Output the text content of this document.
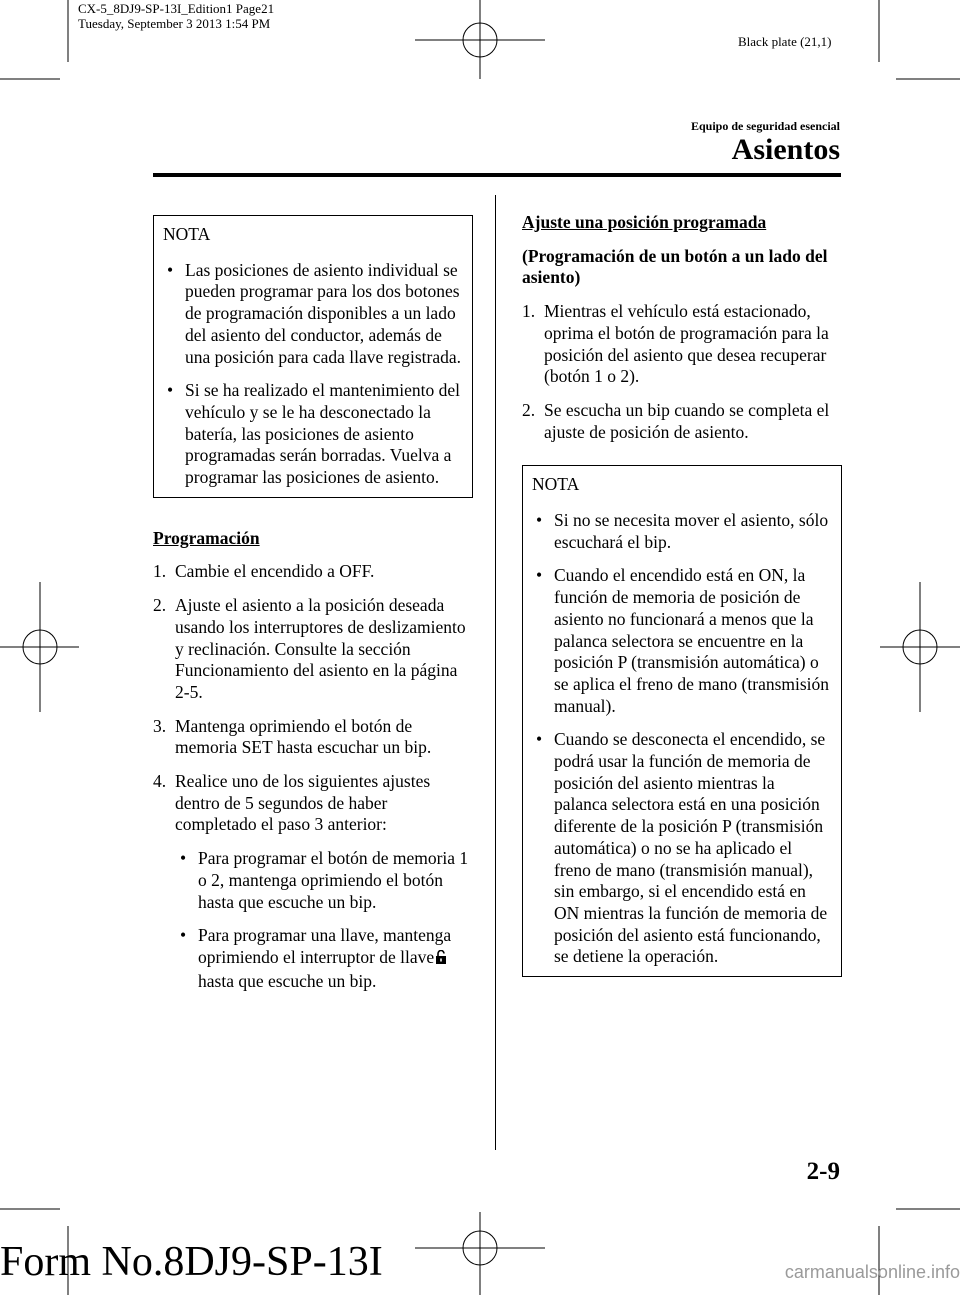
CX-5_8DJ9-SP-13I_Edition1 Page21
Tuesday, September 3 2013 1:54 PM
Black plate (21,1)
Equipo de seguridad esencial
Asientos
NOTA
• Las posiciones de asiento individual se pueden programar para los dos botones de programación disponibles a un lado del asiento del conductor, además de una posición para cada llave registrada.
• Si se ha realizado el mantenimiento del vehículo y se le ha desconectado la batería, las posiciones de asiento programadas serán borradas. Vuelva a programar las posiciones de asiento.

Programación

1. Cambie el encendido a OFF.
2. Ajuste el asiento a la posición deseada usando los interruptores de deslizamiento y reclinación. Consulte la sección Funcionamiento del asiento en la página 2-5.
3. Mantenga oprimiendo el botón de memoria SET hasta escuchar un bip.
4. Realice uno de los siguientes ajustes dentro de 5 segundos de haber completado el paso 3 anterior:
• Para programar el botón de memoria 1 o 2, mantenga oprimiendo el botón hasta que escuche un bip.
• Para programar una llave, mantenga oprimiendo el interruptor de llave
hasta que escuche un bip.

Ajuste una posición programada

(Programación de un botón a un lado del asiento)

1. Mientras el vehículo está estacionado, oprima el botón de programación para la posición del asiento que desea recuperar (botón 1 o 2).
2. Se escucha un bip cuando se completa el ajuste de posición de asiento.
NOTA
• Si no se necesita mover el asiento, sólo escuchará el bip.
• Cuando el encendido está en ON, la función de memoria de posición de asiento no funcionará a menos que la palanca selectora se encuentre en la posición P (transmisión automática) o se aplica el freno de mano (transmisión manual).
• Cuando se desconecta el encendido, se podrá usar la función de memoria de posición del asiento mientras la palanca selectora está en una posición diferente de la posición P (transmisión automática) o no se ha aplicado el freno de mano (transmisión manual), sin embargo, si el encendido está en ON mientras la función de memoria de posición del asiento está funcionando, se detiene la operación.
2-9
Form No.8DJ9-SP-13I	carmanualsonline.info
